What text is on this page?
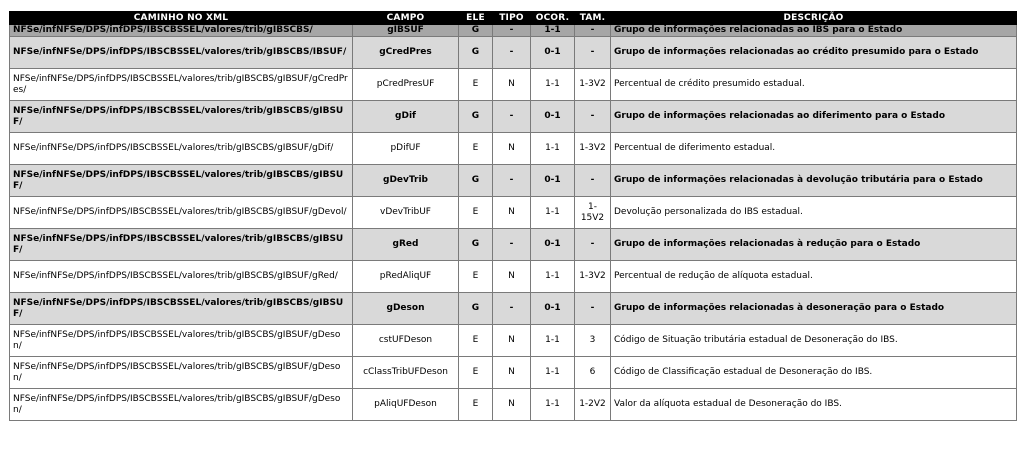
CAMINHO NO XML	CAMPO	ELE	TIPO	OCOR.	TAM.	DESCRIÇÃO
NFSe/infNFSe/DPS/infDPS/IBSCBSSEL/valores/trib/gIBSCBS/	gIBSUF	G	-	1-1	-	Grupo de informações relacionadas ao IBS para o Estado
NFSe/infNFSe/DPS/infDPS/IBSCBSSEL/valores/trib/gIBSCBS/IBSUF/	gCredPres	G	-	0-1	-	Grupo de informações relacionadas ao crédito presumido para o Estado
NFSe/infNFSe/DPS/infDPS/IBSCBSSEL/valores/trib/gIBSCBS/gIBSUF/gCredPres/	pCredPresUF	E	N	1-1	1-3V2	Percentual de crédito presumido estadual.
NFSe/infNFSe/DPS/infDPS/IBSCBSSEL/valores/trib/gIBSCBS/gIBSUF/	gDif	G	-	0-1	-	Grupo de informações relacionadas ao diferimento para o Estado
NFSe/infNFSe/DPS/infDPS/IBSCBSSEL/valores/trib/gIBSCBS/gIBSUF/gDif/	pDifUF	E	N	1-1	1-3V2	Percentual de diferimento estadual.
NFSe/infNFSe/DPS/infDPS/IBSCBSSEL/valores/trib/gIBSCBS/gIBSUF/	gDevTrib	G	-	0-1	-	Grupo de informações relacionadas à devolução tributária para o Estado
NFSe/infNFSe/DPS/infDPS/IBSCBSSEL/valores/trib/gIBSCBS/gIBSUF/gDevol/	vDevTribUF	E	N	1-1	1-15V2	Devolução personalizada do IBS estadual.
NFSe/infNFSe/DPS/infDPS/IBSCBSSEL/valores/trib/gIBSCBS/gIBSUF/	gRed	G	-	0-1	-	Grupo de informações relacionadas à redução para o Estado
NFSe/infNFSe/DPS/infDPS/IBSCBSSEL/valores/trib/gIBSCBS/gIBSUF/gRed/	pRedAliqUF	E	N	1-1	1-3V2	Percentual de redução de alíquota estadual.
NFSe/infNFSe/DPS/infDPS/IBSCBSSEL/valores/trib/gIBSCBS/gIBSUF/	gDeson	G	-	0-1	-	Grupo de informações relacionadas à desoneração para o Estado
NFSe/infNFSe/DPS/infDPS/IBSCBSSEL/valores/trib/gIBSCBS/gIBSUF/gDeson/	cstUFDeson	E	N	1-1	3	Código de Situação tributária estadual de Desoneração do IBS.
NFSe/infNFSe/DPS/infDPS/IBSCBSSEL/valores/trib/gIBSCBS/gIBSUF/gDeson/	cClassTribUFDeson	E	N	1-1	6	Código de Classificação estadual de Desoneração do IBS.
NFSe/infNFSe/DPS/infDPS/IBSCBSSEL/valores/trib/gIBSCBS/gIBSUF/gDeson/	pAliqUFDeson	E	N	1-1	1-2V2	Valor da alíquota estadual de Desoneração do IBS.
